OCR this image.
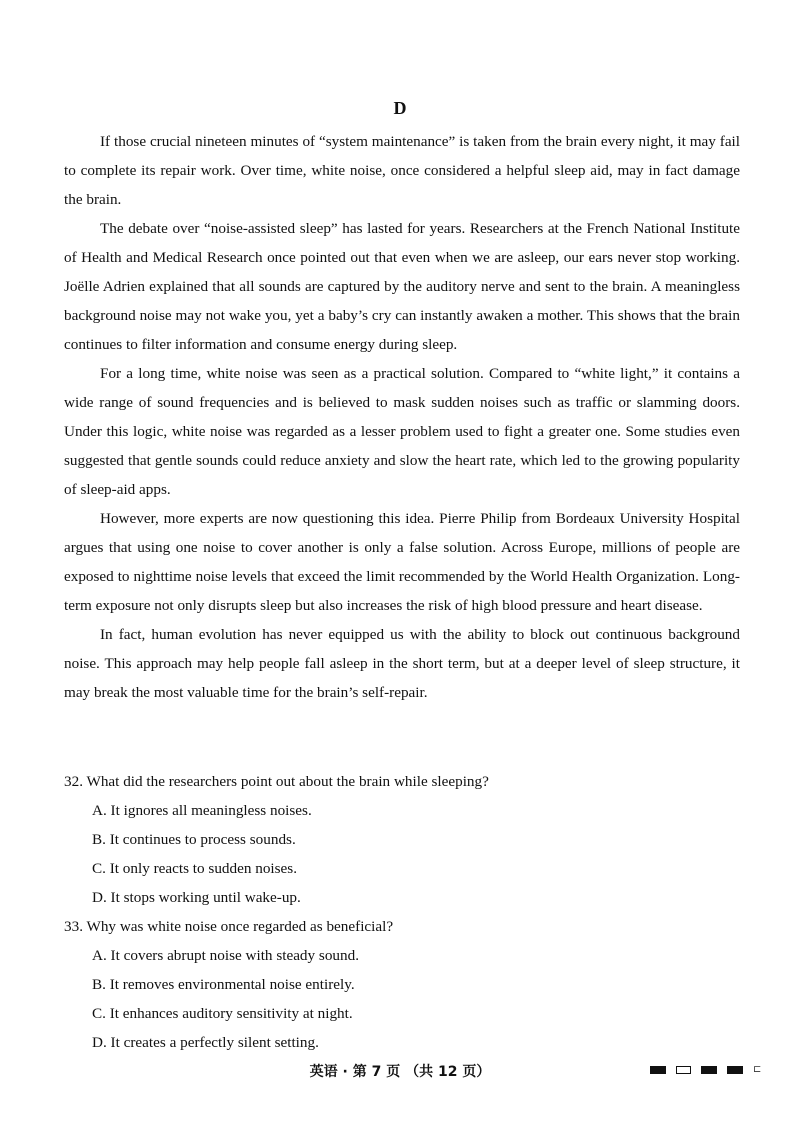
D

If those crucial nineteen minutes of “system maintenance” is taken from the brain every night, it may fail to complete its repair work. Over time, white noise, once considered a helpful sleep aid, may in fact damage the brain.

The debate over “noise-assisted sleep” has lasted for years. Researchers at the French National Institute of Health and Medical Research once pointed out that even when we are asleep, our ears never stop working. Joëlle Adrien explained that all sounds are captured by the auditory nerve and sent to the brain. A meaningless background noise may not wake you, yet a baby’s cry can instantly awaken a mother. This shows that the brain continues to filter information and consume energy during sleep.

For a long time, white noise was seen as a practical solution. Compared to “white light,” it contains a wide range of sound frequencies and is believed to mask sudden noises such as traffic or slamming doors. Under this logic, white noise was regarded as a lesser problem used to fight a greater one. Some studies even suggested that gentle sounds could reduce anxiety and slow the heart rate, which led to the growing popularity of sleep-aid apps.

However, more experts are now questioning this idea. Pierre Philip from Bordeaux University Hospital argues that using one noise to cover another is only a false solution. Across Europe, millions of people are exposed to nighttime noise levels that exceed the limit recommended by the World Health Organization. Long-term exposure not only disrupts sleep but also increases the risk of high blood pressure and heart disease.

In fact, human evolution has never equipped us with the ability to block out continuous background noise. This approach may help people fall asleep in the short term, but at a deeper level of sleep structure, it may break the most valuable time for the brain’s self-repair.

32. What did the researchers point out about the brain while sleeping?

A. It ignores all meaningless noises.

B. It continues to process sounds.

C. It only reacts to sudden noises.

D. It stops working until wake-up.

33. Why was white noise once regarded as beneficial?

A. It covers abrupt noise with steady sound.

B. It removes environmental noise entirely.

C. It enhances auditory sensitivity at night.

D. It creates a perfectly silent setting.

英语 · 第 7 页 （共 12 页）	⊏
